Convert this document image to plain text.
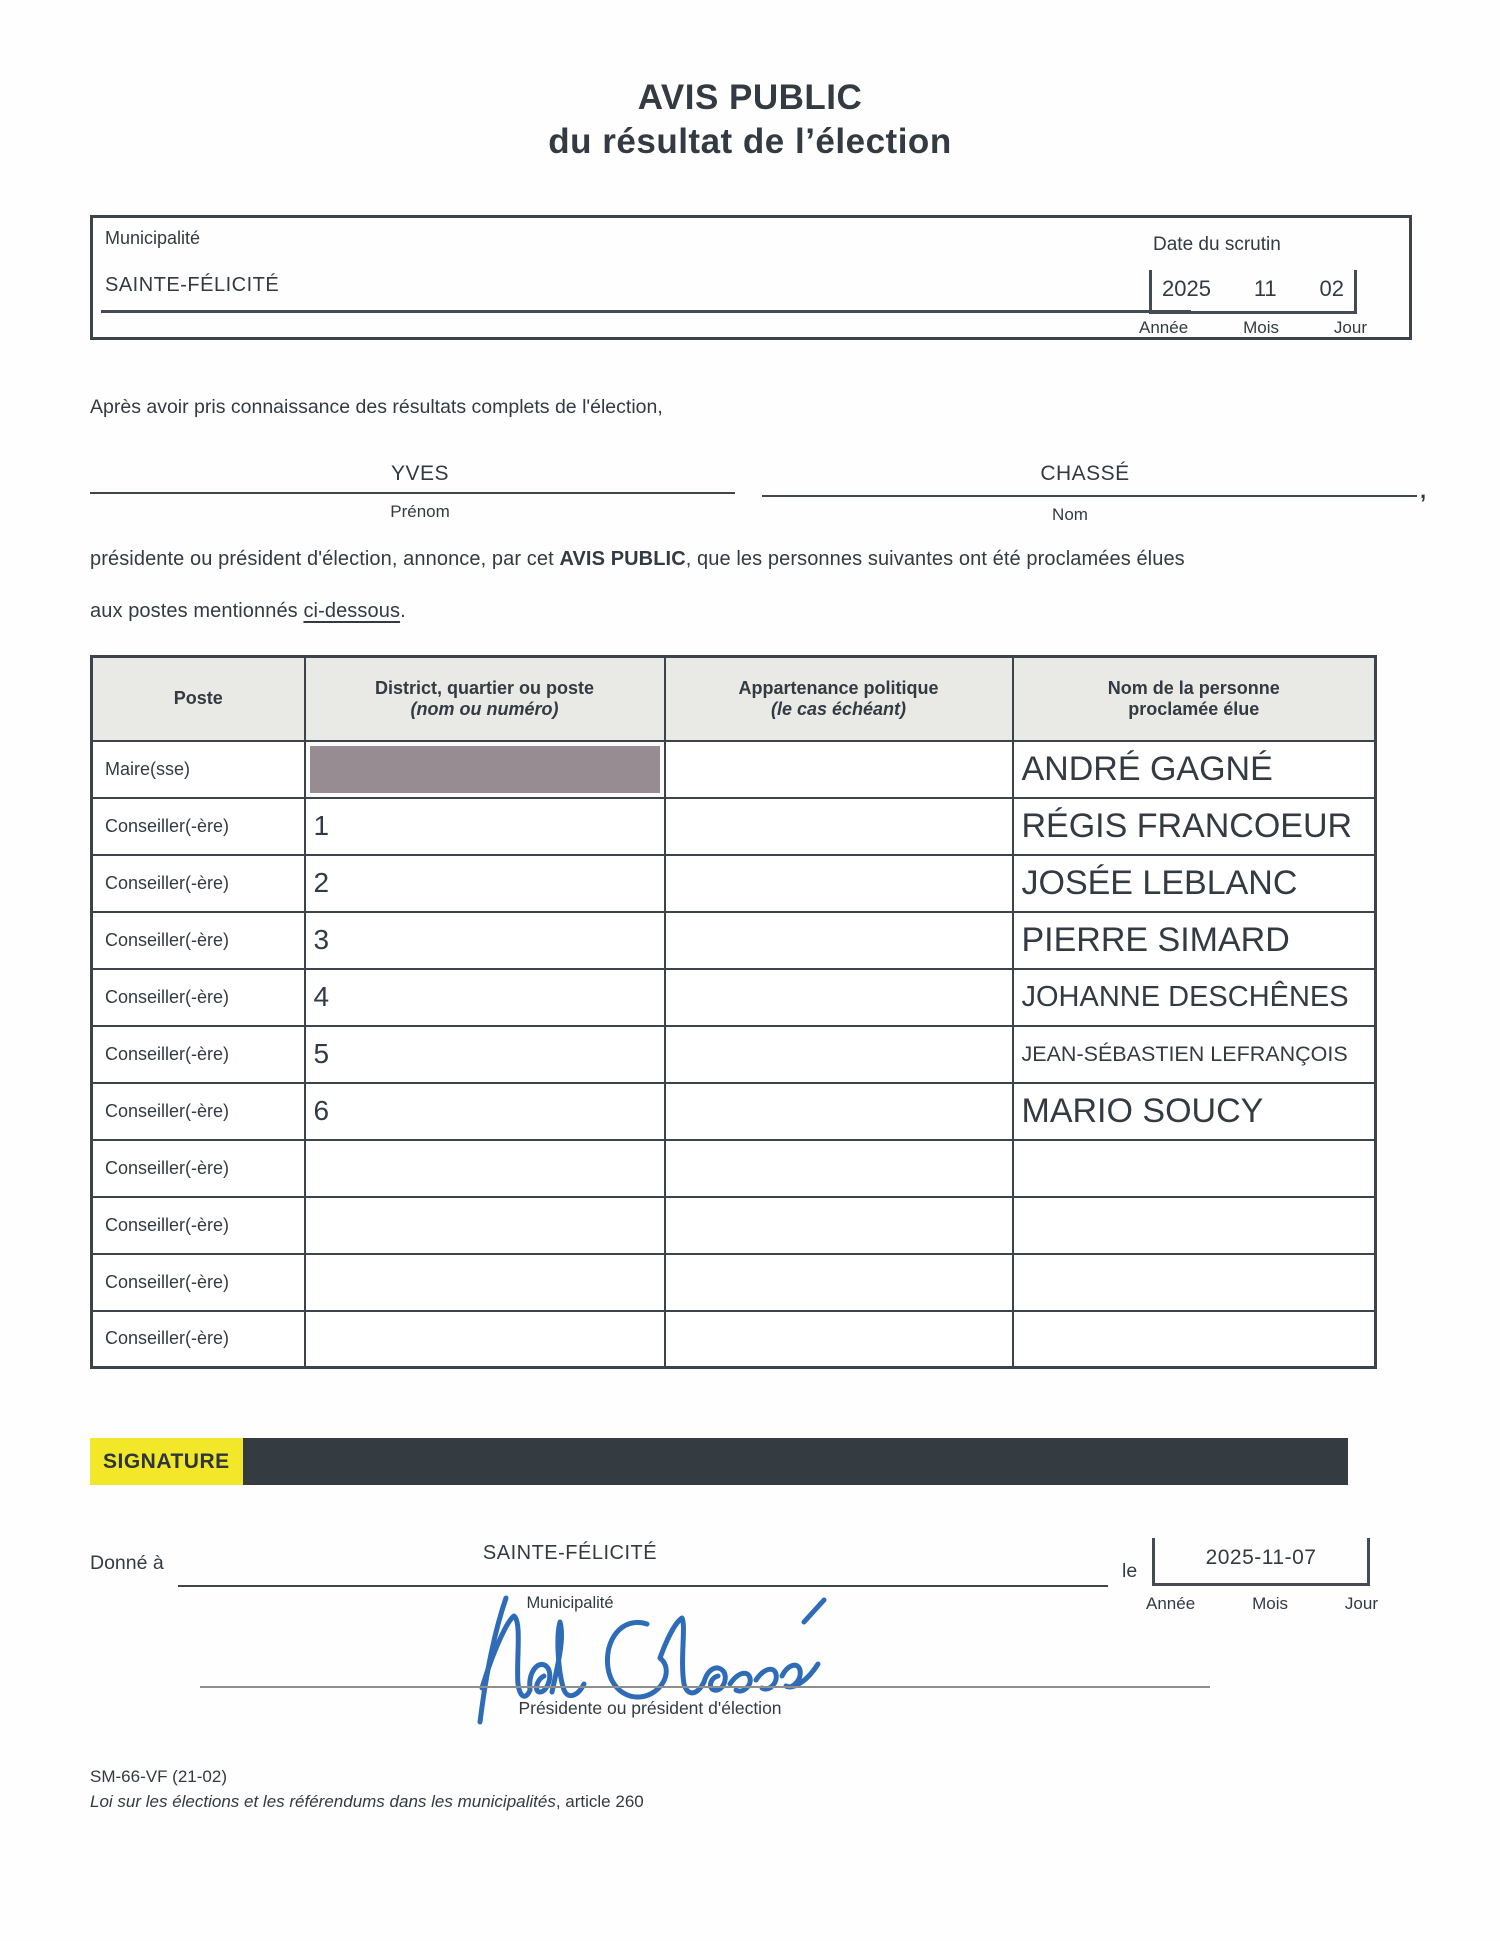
AVIS PUBLIC
du résultat de l’élection
Municipalité
SAINTE-FÉLICITÉ
Date du scrutin
2025 11 02
Année	Mois	Jour
Après avoir pris connaissance des résultats complets de l'élection,
YVES	CHASSÉ
Prénom	Nom
,
présidente ou président d'élection, annonce, par cet AVIS PUBLIC, que les personnes suivantes ont été proclamées élues
aux postes mentionnés ci-dessous.
Poste

District, quartier ou poste
(nom ou numéro)

Appartenance politique
(le cas échéant)

Nom de la personne
proclamée élue

Maire(sse)			ANDRÉ GAGNÉ
Conseiller(-ère)	1		RÉGIS FRANCOEUR
Conseiller(-ère)	2		JOSÉE LEBLANC
Conseiller(-ère)	3		PIERRE SIMARD
Conseiller(-ère)	4		JOHANNE DESCHÊNES
Conseiller(-ère)	5		JEAN-SÉBASTIEN LEFRANÇOIS
Conseiller(-ère)	6		MARIO SOUCY
Conseiller(-ère)			
Conseiller(-ère)			
Conseiller(-ère)			
Conseiller(-ère)			
SIGNATURE
Donné à	SAINTE-FÉLICITÉ
Municipalité
le
2025-11-07
Année	Mois	Jour
Présidente ou président d'élection
SM-66-VF (21-02)
Loi sur les élections et les référendums dans les municipalités, article 260
